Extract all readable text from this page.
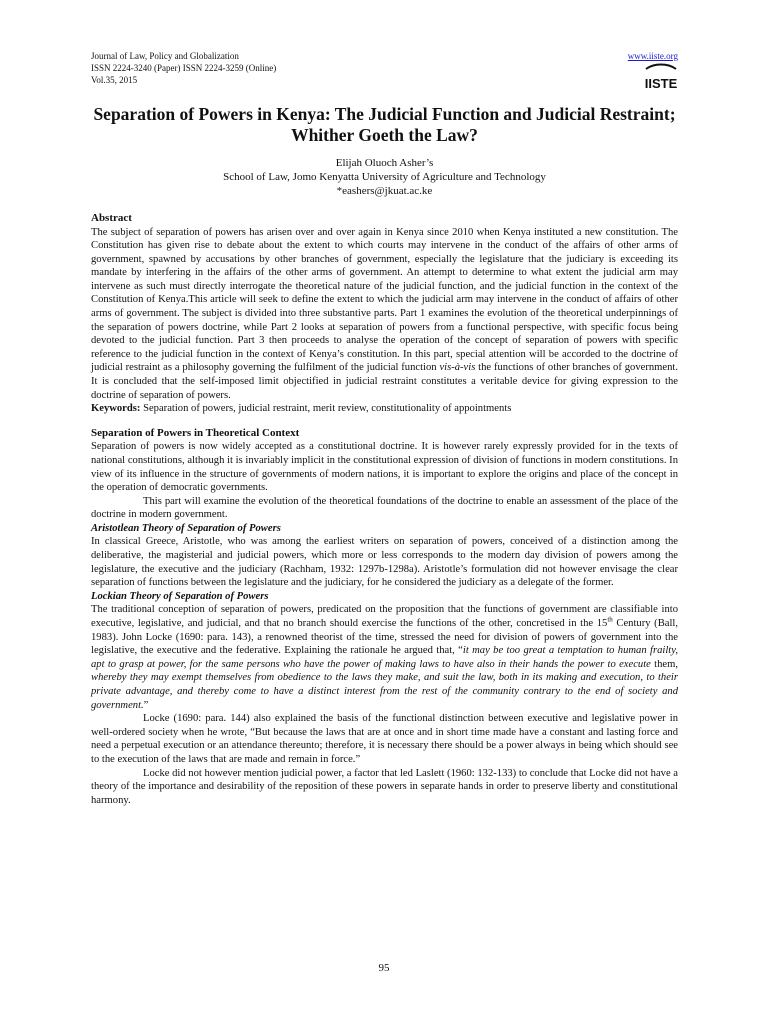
Journal of Law, Policy and Globalization
ISSN 2224-3240 (Paper) ISSN 2224-3259 (Online)
Vol.35, 2015
www.iiste.org
IISTE
Separation of Powers in Kenya: The Judicial Function and Judicial Restraint; Whither Goeth the Law?
Elijah Oluoch Asher’s
School of Law, Jomo Kenyatta University of Agriculture and Technology
*eashers@jkuat.ac.ke
Abstract

The subject of separation of powers has arisen over and over again in Kenya since 2010 when Kenya instituted a new constitution. The Constitution has given rise to debate about the extent to which courts may intervene in the conduct of the affairs of other arms of government, spawned by accusations by other branches of government, especially the legislature that the judiciary is exceeding its mandate by interfering in the affairs of the other arms of government. An attempt to determine to what extent the judicial arm may intervene as such must directly interrogate the theoretical nature of the judicial function, and the judicial function in the context of the Constitution of Kenya.This article will seek to define the extent to which the judicial arm may intervene in the conduct of affairs of other arms of government. The subject is divided into three substantive parts. Part 1 examines the evolution of the theoretical underpinnings of the separation of powers doctrine, while Part 2 looks at separation of powers from a functional perspective, with specific focus being devoted to the judicial function. Part 3 then proceeds to analyse the operation of the concept of separation of powers with specific reference to the judicial function in the context of Kenya’s constitution. In this part, special attention will be accorded to the doctrine of judicial restraint as a philosophy governing the fulfilment of the judicial function vis-à-vis the functions of other branches of government. It is concluded that the self-imposed limit objectified in judicial restraint constitutes a veritable device for giving expression to the doctrine of separation of powers.

Keywords: Separation of powers, judicial restraint, merit review, constitutionality of appointments

Separation of Powers in Theoretical Context

Separation of powers is now widely accepted as a constitutional doctrine. It is however rarely expressly provided for in the texts of national constitutions, although it is invariably implicit in the constitutional expression of division of functions in modern constitutions. In view of its influence in the structure of governments of modern nations, it is important to explore the origins and place of the concept in the operation of democratic governments.

This part will examine the evolution of the theoretical foundations of the doctrine to enable an assessment of the place of the doctrine in modern government.

Aristotlean Theory of Separation of Powers

In classical Greece, Aristotle, who was among the earliest writers on separation of powers, conceived of a distinction among the deliberative, the magisterial and judicial powers, which more or less corresponds to the modern day division of powers among the legislature, the executive and the judiciary (Rachham, 1932: 1297b-1298a). Aristotle’s formulation did not however envisage the clear separation of functions between the legislature and the judiciary, for he considered the judiciary as a delegate of the former.

Lockian Theory of Separation of Powers

The traditional conception of separation of powers, predicated on the proposition that the functions of government are classifiable into executive, legislative, and judicial, and that no branch should exercise the functions of the other, concretised in the 15th Century (Ball, 1983). John Locke (1690: para. 143), a renowned theorist of the time, stressed the need for division of powers of government into the legislative, the executive and the federative. Explaining the rationale he argued that, “it may be too great a temptation to human frailty, apt to grasp at power, for the same persons who have the power of making laws to have also in their hands the power to execute them, whereby they may exempt themselves from obedience to the laws they make, and suit the law, both in its making and execution, to their private advantage, and thereby come to have a distinct interest from the rest of the community contrary to the end of society and government.”

Locke (1690: para. 144) also explained the basis of the functional distinction between executive and legislative power in well-ordered society when he wrote, “But because the laws that are at once and in short time made have a constant and lasting force and need a perpetual execution or an attendance thereunto; therefore, it is necessary there should be a power always in being which should see to the execution of the laws that are made and remain in force.”

Locke did not however mention judicial power, a factor that led Laslett (1960: 132-133) to conclude that Locke did not have a theory of the importance and desirability of the reposition of these powers in separate hands in order to preserve liberty and constitutional harmony.

95
